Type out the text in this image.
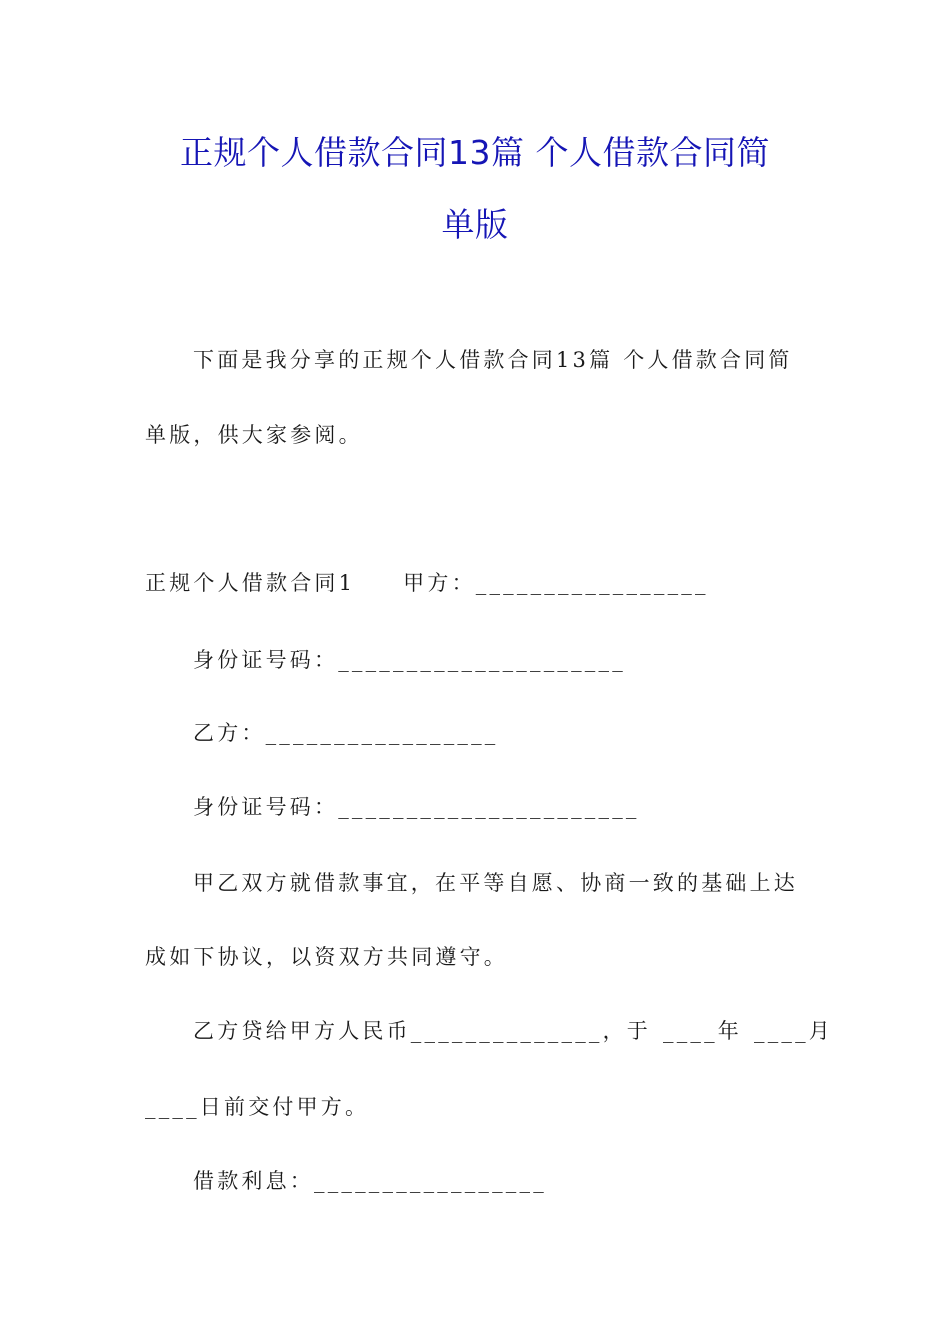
正规个人借款合同13篇 个人借款合同简
单版

下面是我分享的正规个人借款合同13篇 个人借款合同简

单版，供大家参阅。

正规个人借款合同1 甲方：_________________

身份证号码：_____________________

乙方：_________________

身份证号码：______________________

甲乙双方就借款事宜，在平等自愿、协商一致的基础上达

成如下协议，以资双方共同遵守。

乙方贷给甲方人民币______________，于 ____年 ____月

____日前交付甲方。

借款利息：_________________
